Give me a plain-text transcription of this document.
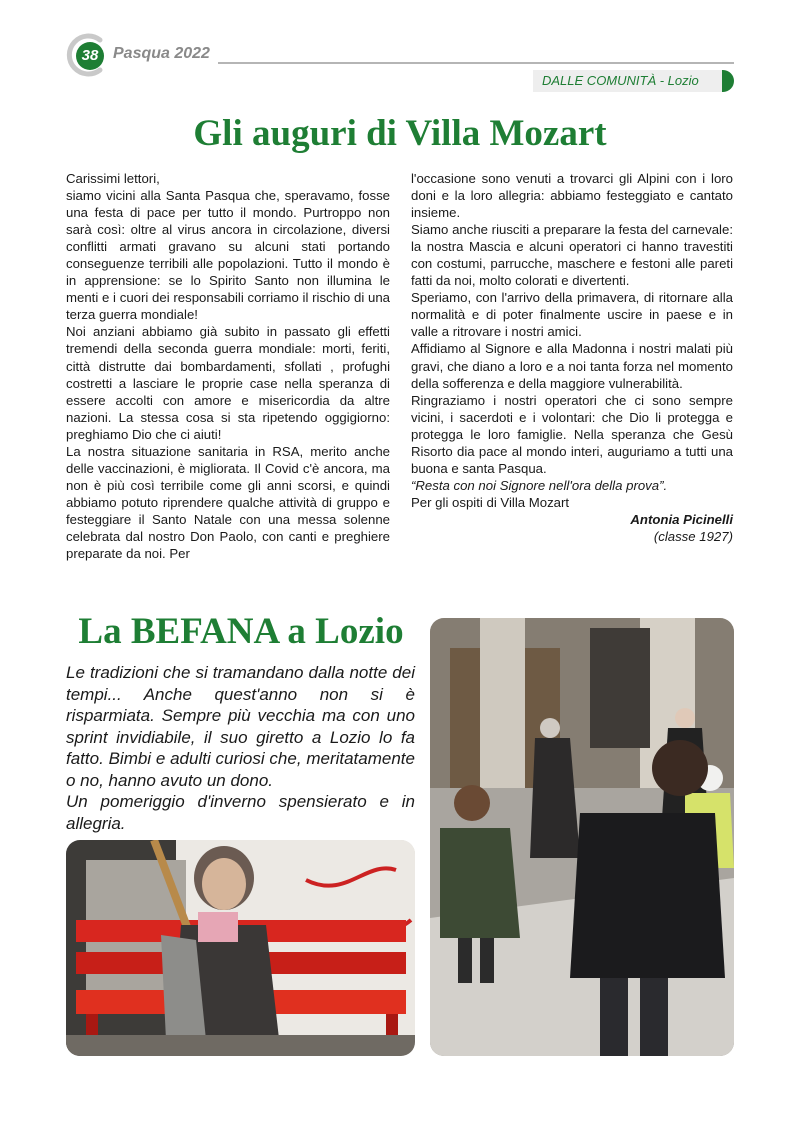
38 Pasqua 2022
DALLE COMUNITÀ - Lozio
Gli auguri di Villa Mozart

Carissimi lettori,

siamo vicini alla Santa Pasqua che, speravamo, fosse una festa di pace per tutto il mondo. Purtroppo non sarà così: oltre al virus ancora in circolazione, diversi conflitti armati gravano su alcuni stati portando conseguenze terribili alle popolazioni. Tutto il mondo è in apprensione: se lo Spirito Santo non illumina le menti e i cuori dei responsabili corriamo il rischio di una terza guerra mondiale!

Noi anziani abbiamo già subito in passato gli effetti tremendi della seconda guerra mondiale: morti, feriti, città distrutte dai bombardamenti, sfollati , profughi costretti a lasciare le proprie case nella speranza di essere accolti con amore e misericordia da altre nazioni. La stessa cosa si sta ripetendo oggigiorno: preghiamo Dio che ci aiuti!

La nostra situazione sanitaria in RSA, merito anche delle vaccinazioni, è migliorata. Il Covid c'è ancora, ma non è più così terribile come gli anni scorsi, e quindi abbiamo potuto riprendere qualche attività di gruppo e festeggiare il Santo Natale con una messa solenne celebrata dal nostro Don Paolo, con canti e preghiere preparate da noi. Per

l'occasione sono venuti a trovarci gli Alpini con i loro doni e la loro allegria: abbiamo festeggiato e cantato insieme.

Siamo anche riusciti a preparare la festa del carnevale: la nostra Mascia e alcuni operatori ci hanno travestiti con costumi, parrucche, maschere e festoni alle pareti fatti da noi, molto colorati e divertenti.

Speriamo, con l'arrivo della primavera, di ritornare alla normalità e di poter finalmente uscire in paese e in valle a ritrovare i nostri amici.

Affidiamo al Signore e alla Madonna i nostri malati più gravi, che diano a loro e a noi tanta forza nel momento della sofferenza e della maggiore vulnerabilità.

Ringraziamo i nostri operatori che ci sono sempre vicini, i sacerdoti e i volontari: che Dio li protegga e protegga le loro famiglie. Nella speranza che Gesù Risorto dia pace al mondo interi, auguriamo a tutti una buona e santa Pasqua.

“Resta con noi Signore nell'ora della prova”.

Per gli ospiti di Villa Mozart

Antonia Picinelli

(classe 1927)

La BEFANA a Lozio
Le tradizioni che si tramandano dalla notte dei tempi... Anche quest'anno non si è risparmiata. Sempre più vecchia ma con uno sprint invidiabile, il suo giretto a Lozio lo fa fatto. Bimbi e adulti curiosi che, meritatamente o no, hanno avuto un dono.
Un pomeriggio d'inverno spensierato e in allegria.
